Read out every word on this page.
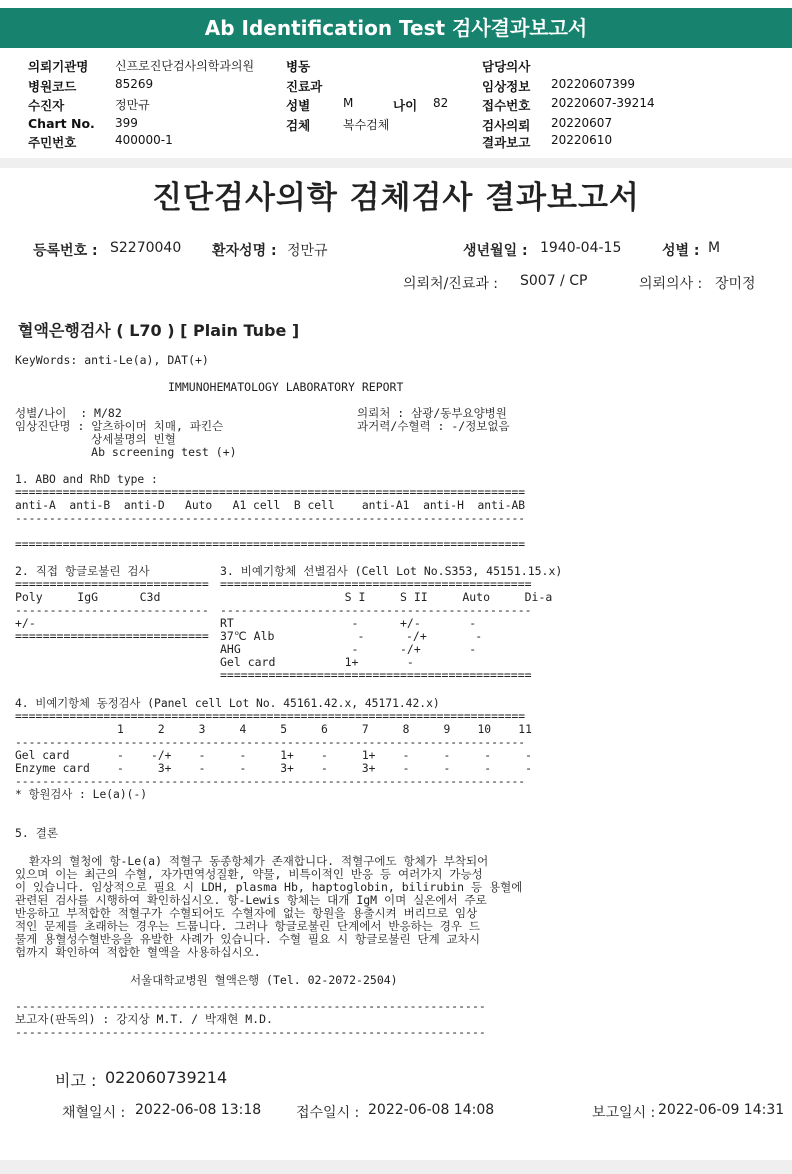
Ab Identification Test 검사결과보고서
의뢰기관명 신프로진단검사의학과의원
병원코드	85269
수진자	정만규
Chart No. 399
주민번호	400000-1
병동
진료과
성별	M	나이 82
검체	복수검체
담당의사
임상정보 20220607399
접수번호 20220607-39214
검사의뢰 20220607
결과보고 20220610
진단검사의학 검체검사 결과보고서
등록번호 : S2270040 환자성명 : 정만규	생년월일 : 1940-04-15	성별 : M
의뢰처/진료과 : S007 / CP	의뢰의사 : 장미정
혈액은행검사 ( L70 ) [ Plain Tube ]
KeyWords: anti-Le(a), DAT(+)
IMMUNOHEMATOLOGY LABORATORY REPORT
성별/나이  : M/82
임상진단명 : 알츠하이머 치매, 파킨슨
상세불명의 빈혈
Ab screening test (+)
의뢰처 : 삼광/동부요양병원
과거력/수혈력 : -/정보없음
1. ABO and RhD type :
===========================================================================
anti-A  anti-B  anti-D   Auto   A1 cell  B cell    anti-A1  anti-H  anti-AB
---------------------------------------------------------------------------

===========================================================================
2. 직접 항글로불린 검사
============================
Poly     IgG      C3d
----------------------------
+/-
============================
3. 비예기항체 선별검사 (Cell Lot No.S353, 45151.15.x)
=============================================
S I     S II     Auto     Di-a
---------------------------------------------
RT                 -      +/-       -
37℃ Alb            -      -/+       -
AHG                -      -/+       -
Gel card          1+       -
=============================================
4. 비예기항체 동정검사 (Panel cell Lot No. 45161.42.x, 45171.42.x)
===========================================================================
1     2     3     4     5     6     7     8     9    10    11
---------------------------------------------------------------------------
Gel card       -    -/+    -     -     1+    -     1+    -     -     -     -
Enzyme card    -     3+    -     -     3+    -     3+    -     -     -     -
---------------------------------------------------------------------------
* 항원검사 : Le(a)(-)
5. 결론
환자의 혈청에 항-Le(a) 적혈구 동종항체가 존재합니다. 적혈구에도 항체가 부착되어
있으며 이는 최근의 수혈, 자가면역성질환, 약물, 비특이적인 반응 등 여러가지 가능성
이 있습니다. 임상적으로 필요 시 LDH, plasma Hb, haptoglobin, bilirubin 등 용혈에
관련된 검사를 시행하여 확인하십시오. 항-Lewis 항체는 대개 IgM 이며 실온에서 주로
반응하고 부적합한 적혈구가 수혈되어도 수혈자에 없는 항원을 용출시켜 버리므로 임상
적인 문제를 초래하는 경우는 드뭅니다. 그러나 항글로불린 단계에서 반응하는 경우 드
물게 용혈성수혈반응을 유발한 사례가 있습니다. 수혈 필요 시 항글로불린 단계 교차시
험까지 확인하여 적합한 혈액을 사용하십시오.
서울대학교병원 혈액은행 (Tel. 02-2072-2504)
--------------------------------------------------------------------
보고자(판독의) : 강지상 M.T. / 박재현 M.D.
--------------------------------------------------------------------
비고 : 022060739214
채혈일시 : 2022-06-08 13:18 접수일시 : 2022-06-08 14:08	보고일시 : 2022-06-09 14:31
